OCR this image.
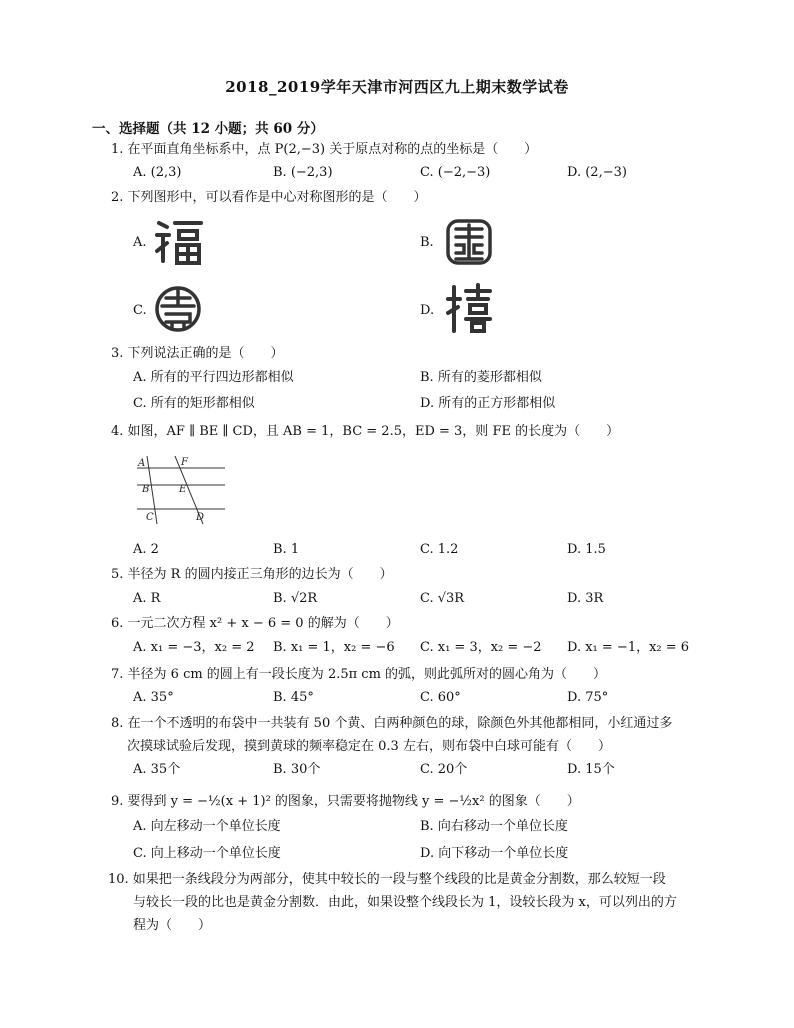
2018_2019学年天津市河西区九上期末数学试卷
一、选择题（共 12 小题；共 60 分）
1. 在平面直角坐标系中，点 P(2,−3) 关于原点对称的点的坐标是（　　）
A. (2,3)	B. (−2,3)	C. (−2,−3)	D. (2,−3)
2. 下列图形中，可以看作是中心对称图形的是（　　）
A.	B.
C.	D.
3. 下列说法正确的是（　　）
A. 所有的平行四边形都相似	B. 所有的菱形都相似
C. 所有的矩形都相似	D. 所有的正方形都相似
4. 如图，AF ∥ BE ∥ CD，且 AB = 1，BC = 2.5，ED = 3，则 FE 的长度为（　　）
A	F
B	E
C	D
A. 2	B. 1	C. 1.2	D. 1.5
5. 半径为 R 的圆内接正三角形的边长为（　　）
A. R	B. √2R	C. √3R	D. 3R
6. 一元二次方程 x² + x − 6 = 0 的解为（　　）
A. x₁ = −3，x₂ = 2 B. x₁ = 1，x₂ = −6 C. x₁ = 3，x₂ = −2 D. x₁ = −1，x₂ = 6
7. 半径为 6 cm 的圆上有一段长度为 2.5π cm 的弧，则此弧所对的圆心角为（　　）
A. 35°	B. 45°	C. 60°	D. 75°
8. 在一个不透明的布袋中一共装有 50 个黄、白两种颜色的球，除颜色外其他都相同，小红通过多
次摸球试验后发现，摸到黄球的频率稳定在 0.3 左右，则布袋中白球可能有（　　）
A. 35个	B. 30个	C. 20个	D. 15个
9. 要得到 y = −½(x + 1)² 的图象，只需要将抛物线 y = −½x² 的图象（　　）
A. 向左移动一个单位长度	B. 向右移动一个单位长度
C. 向上移动一个单位长度	D. 向下移动一个单位长度
10. 如果把一条线段分为两部分，使其中较长的一段与整个线段的比是黄金分割数，那么较短一段
与较长一段的比也是黄金分割数．由此，如果设整个线段长为 1，设较长段为 x，可以列出的方
程为（　　）
